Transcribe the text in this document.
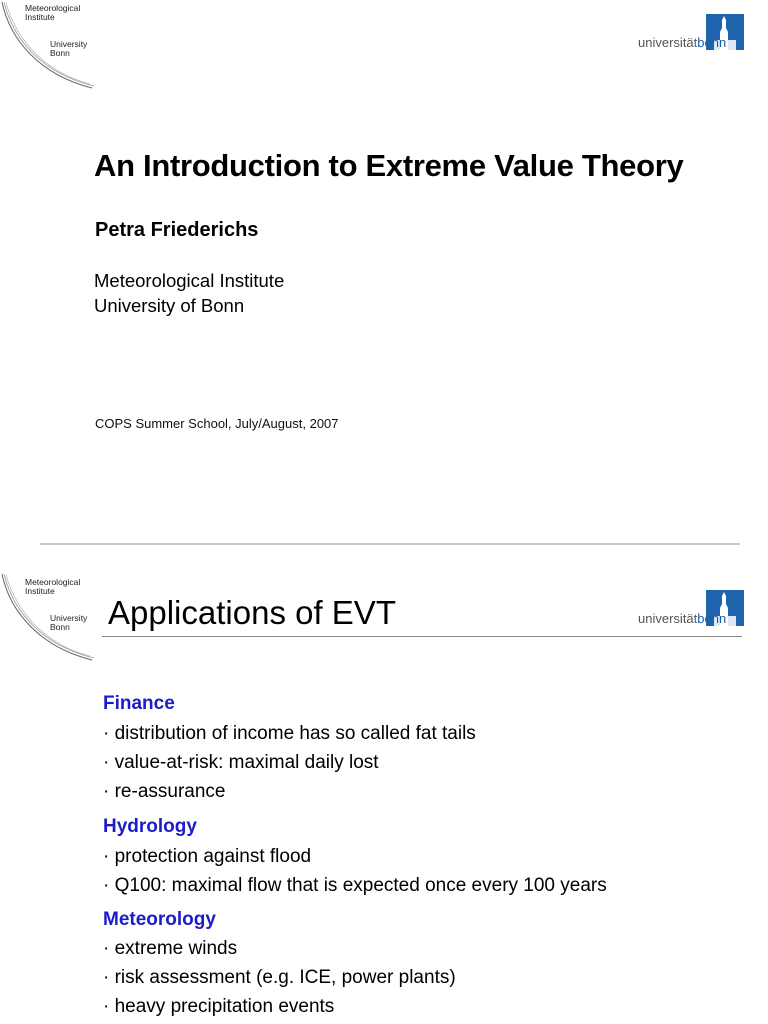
Meteorological
Institute
University
Bonn
universitätbonn
An Introduction to Extreme Value Theory
Petra Friederichs
Meteorological Institute
University of Bonn
COPS Summer School, July/August, 2007
Meteorological
Institute
University
Bonn
universitätbonn
Applications of EVT
Finance
· distribution of income has so called fat tails
· value-at-risk: maximal daily lost
· re-assurance
Hydrology
· protection against flood
· Q100: maximal flow that is expected once every 100 years
Meteorology
· extreme winds
· risk assessment (e.g. ICE, power plants)
· heavy precipitation events
